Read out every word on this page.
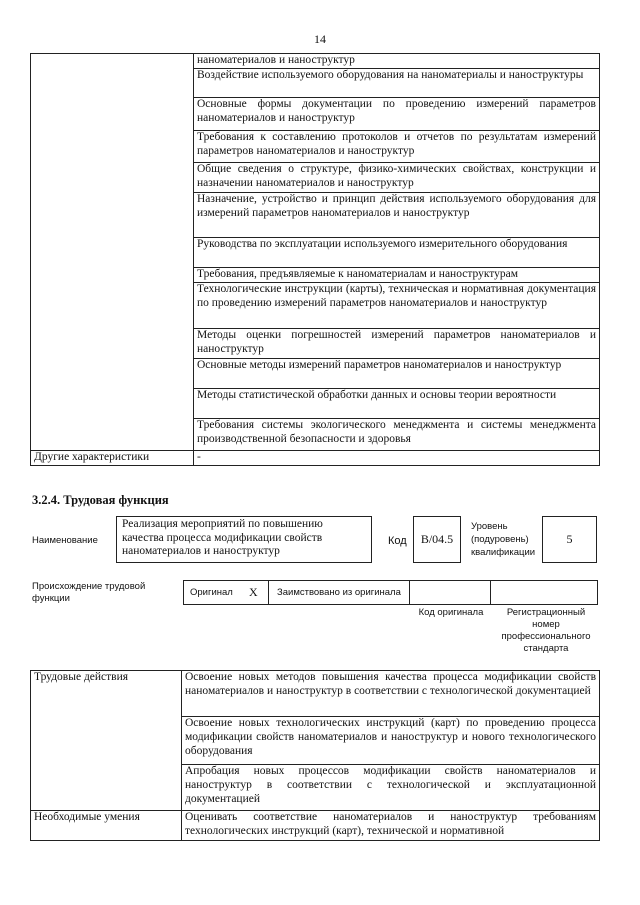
14
	наноматериалов и наноструктур
	Воздействие используемого оборудования на наноматериалы и наноструктуры
	Основные формы документации по проведению измерений параметров наноматериалов и наноструктур
	Требования к составлению протоколов и отчетов по результатам измерений параметров наноматериалов и наноструктур
	Общие сведения о структуре, физико-химических свойствах, конструкции и назначении наноматериалов и наноструктур
	Назначение, устройство и принцип действия используемого оборудования для измерений параметров наноматериалов и наноструктур
	Руководства по эксплуатации используемого измерительного оборудования
	Требования, предъявляемые к наноматериалам и наноструктурам
	Технологические инструкции (карты), техническая и нормативная документация по проведению измерений параметров наноматериалов и наноструктур
	Методы оценки погрешностей измерений параметров наноматериалов и наноструктур
	Основные методы измерений параметров наноматериалов и наноструктур
	Методы статистической обработки данных и основы теории вероятности
	Требования системы экологического менеджмента и системы менеджмента производственной безопасности и здоровья
Другие характеристики	-
3.2.4. Трудовая функция
Наименование
Реализация мероприятий по повышению качества процесса модификации свойств наноматериалов и наноструктур
Код	B/04.5
Уровень (подуровень) квалификации
5
Происхождение трудовой функции
Оригинал X Заимствовано из оригинала
Код оригинала	Регистрационный номер профессионального стандарта
Трудовые действия	Освоение новых методов повышения качества процесса модификации свойств наноматериалов и наноструктур в соответствии с технологической документацией
	Освоение новых технологических инструкций (карт) по проведению процесса модификации свойств наноматериалов и наноструктур и нового технологического оборудования
	Апробация новых процессов модификации свойств наноматериалов и наноструктур в соответствии с технологической и эксплуатационной документацией
Необходимые умения	Оценивать соответствие наноматериалов и наноструктур требованиям технологических инструкций (карт), технической и нормативной
